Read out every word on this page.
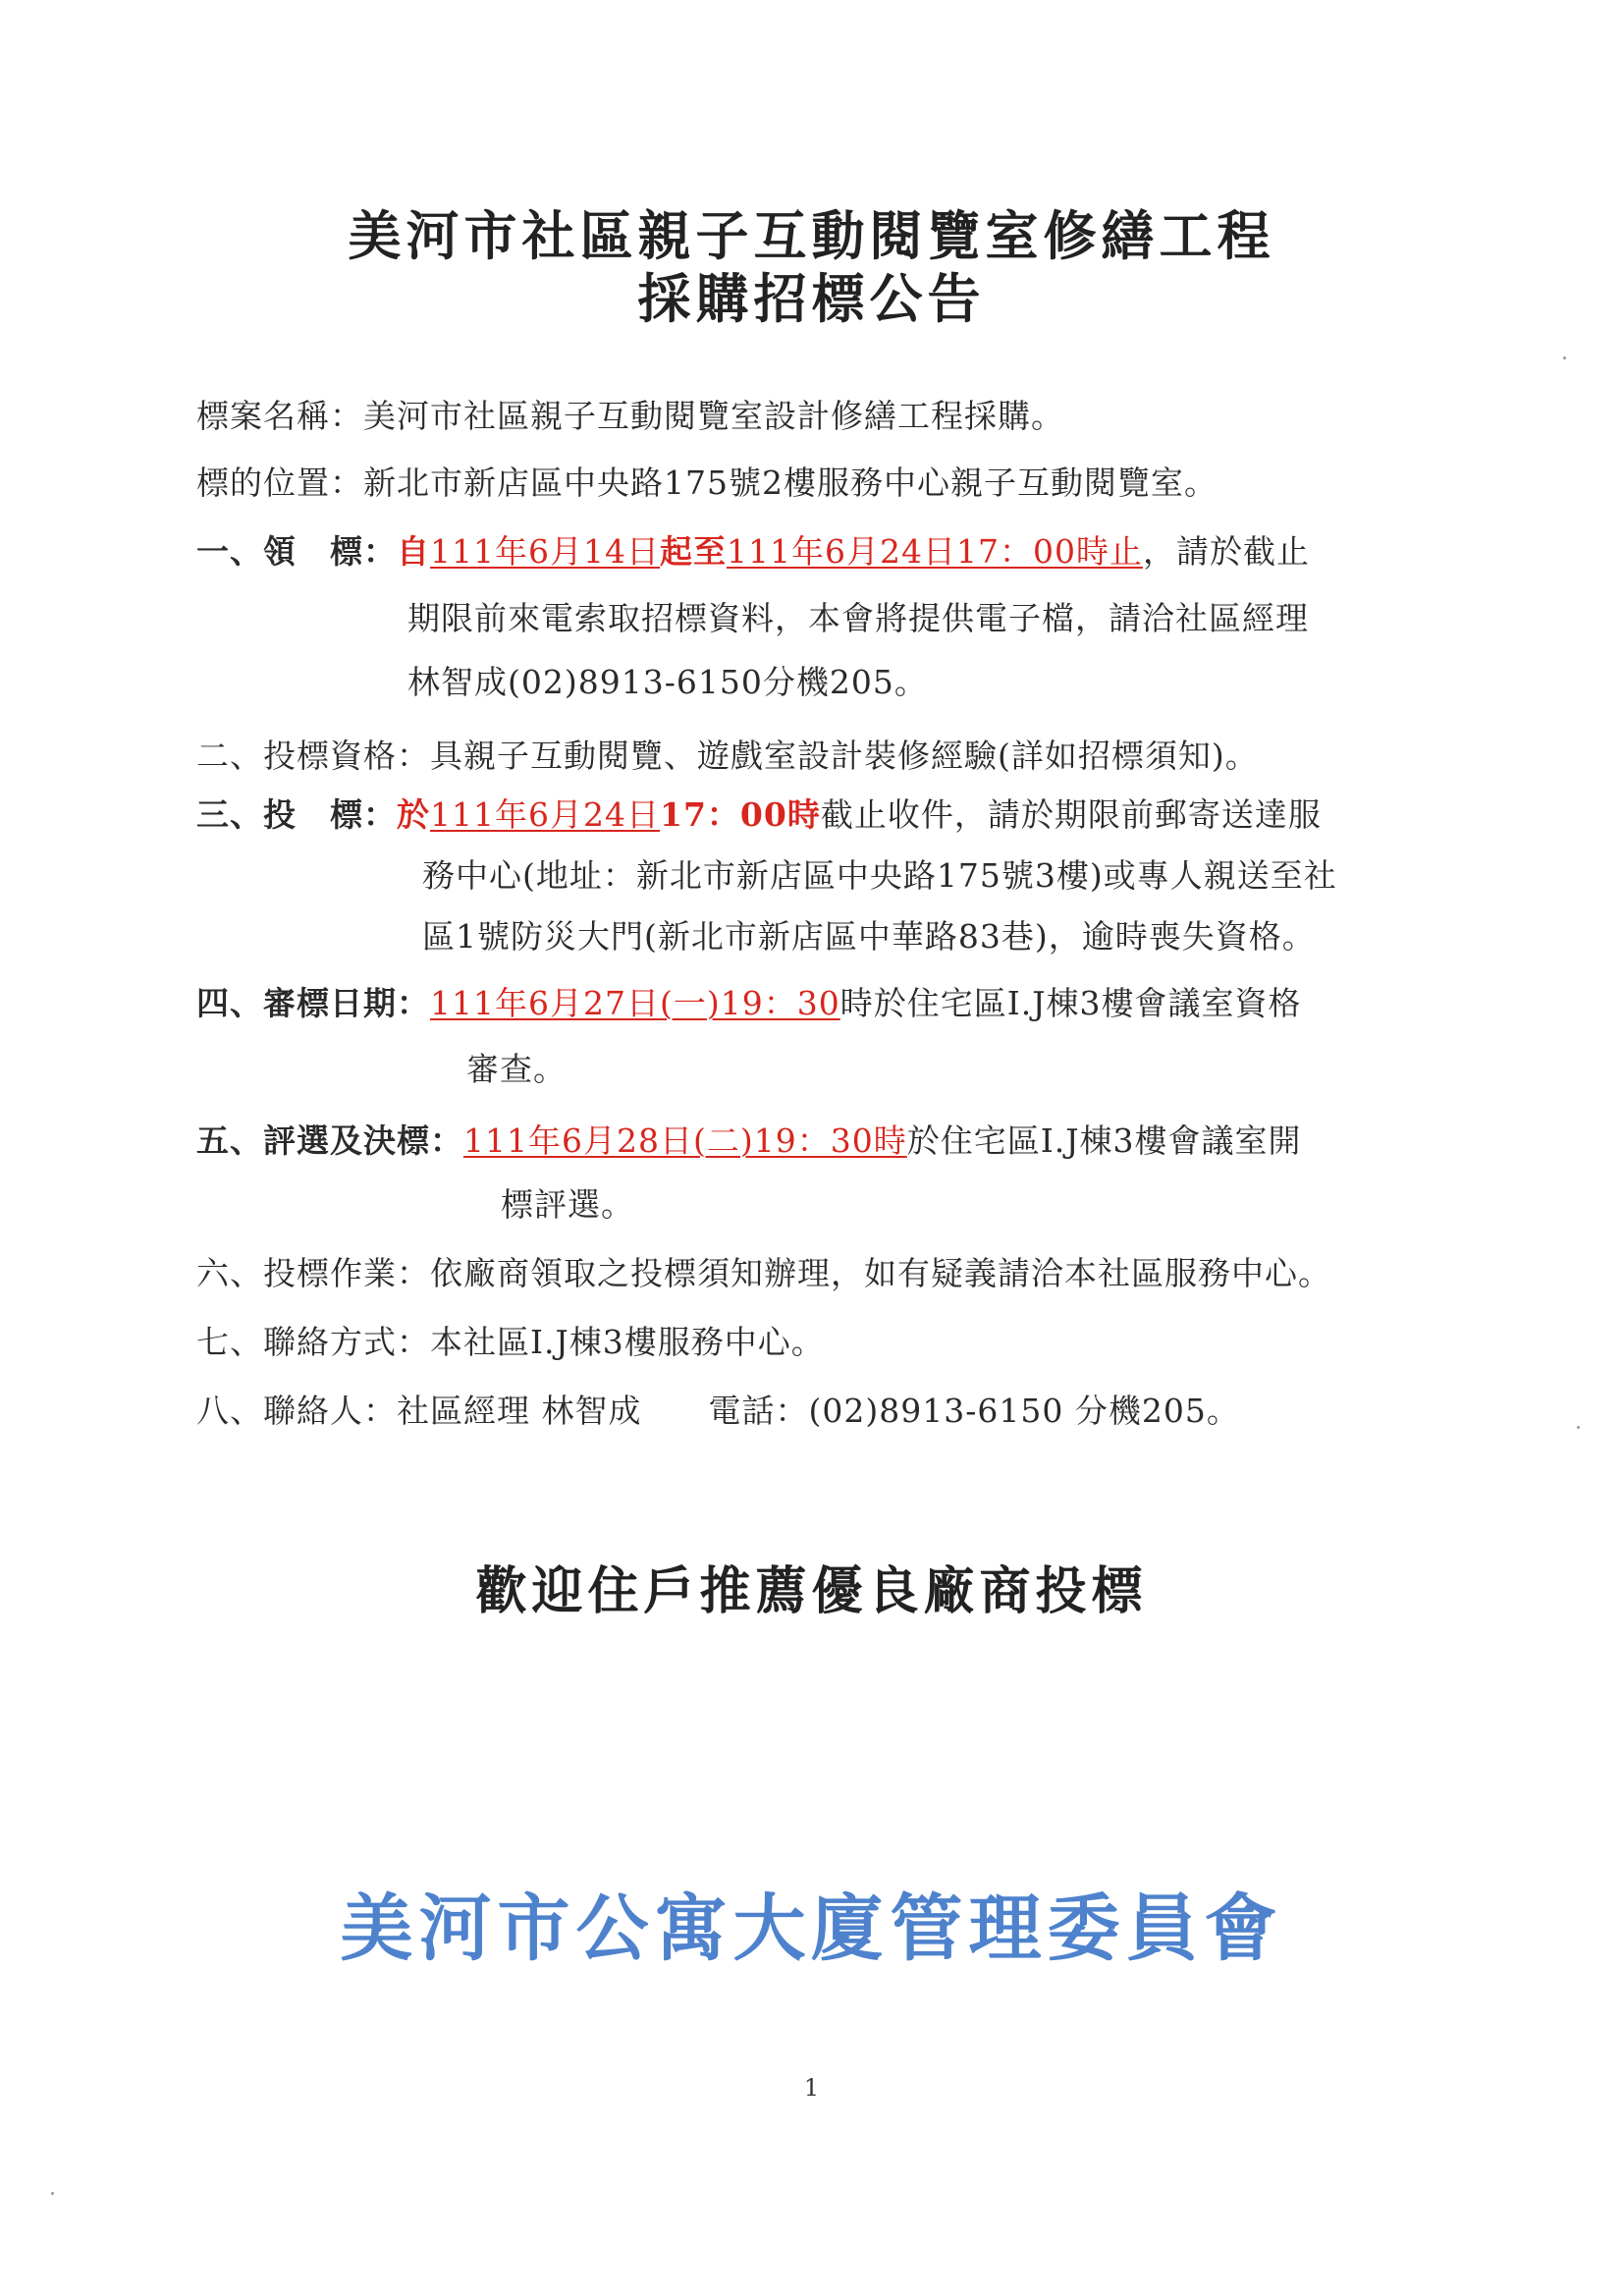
美河市社區親子互動閱覽室修繕工程
採購招標公告
標案名稱：美河市社區親子互動閱覽室設計修繕工程採購。
標的位置：新北市新店區中央路175號2樓服務中心親子互動閱覽室。
一、領　標：自111年6月14日起至111年6月24日17：00時止，請於截止
期限前來電索取招標資料，本會將提供電子檔，請洽社區經理
林智成(02)8913-6150分機205。
二、投標資格：具親子互動閱覽、遊戲室設計裝修經驗(詳如招標須知)。
三、投　標：於111年6月24日17：00時截止收件，請於期限前郵寄送達服
務中心(地址：新北市新店區中央路175號3樓)或專人親送至社
區1號防災大門(新北市新店區中華路83巷)，逾時喪失資格。
四、審標日期：111年6月27日(一)19：30時於住宅區I.J棟3樓會議室資格
審查。
五、評選及決標：111年6月28日(二)19：30時於住宅區I.J棟3樓會議室開
標評選。
六、投標作業：依廠商領取之投標須知辦理，如有疑義請洽本社區服務中心。
七、聯絡方式：本社區I.J棟3樓服務中心。
八、聯絡人：社區經理 林智成　　電話：(02)8913-6150 分機205。
歡迎住戶推薦優良廠商投標
美河市公寓大廈管理委員會
1
